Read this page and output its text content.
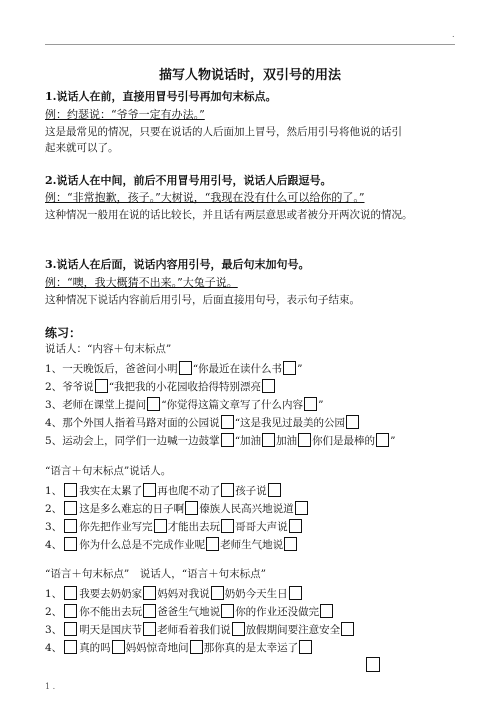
.
描写人物说话时，双引号的用法
1.说话人在前，直接用冒号引号再加句末标点。
例：约瑟说：“爷爷一定有办法。”
这是最常见的情况，只要在说话的人后面加上冒号，然后用引号将他说的话引
起来就可以了。
2.说话人在中间，前后不用冒号用引号，说话人后跟逗号。
例：“非常抱歉，孩子。”大树说，“我现在没有什么可以给你的了。”
这种情况一般用在说的话比较长，并且话有两层意思或者被分开两次说的情况。
3.说话人在后面，说话内容用引号，最后句末加句号。
例：“噢，我大概猜不出来。”大兔子说。
这种情况下说话内容前后用引号，后面直接用句号，表示句子结束。
练习：
说话人：“内容＋句末标点”
1、一天晚饭后，爸爸问小明 “你最近在读什么书 ”
2、爷爷说 “我把我的小花园收拾得特别漂亮
3、老师在课堂上提问 “你觉得这篇文章写了什么内容 ”
4、那个外国人指着马路对面的公园说 “这是我见过最美的公园
5、运动会上，同学们一边喊一边鼓掌 “加油 加油 你们是最棒的 ”
“语言＋句末标点”说话人。
1、 我实在太累了 再也爬不动了 孩子说
2、 这是多么难忘的日子啊 傣族人民高兴地说道
3、 你先把作业写完 才能出去玩 哥哥大声说
4、 你为什么总是不完成作业呢 老师生气地说
“语言＋句末标点”　说话人，“语言＋句末标点”
1、 我要去奶奶家 妈妈对我说 奶奶今天生日
2、 你不能出去玩 爸爸生气地说 你的作业还没做完
3、 明天是国庆节 老师看着我们说 放假期间要注意安全
4、 真的吗 妈妈惊奇地问 那你真的是太幸运了
1 .
